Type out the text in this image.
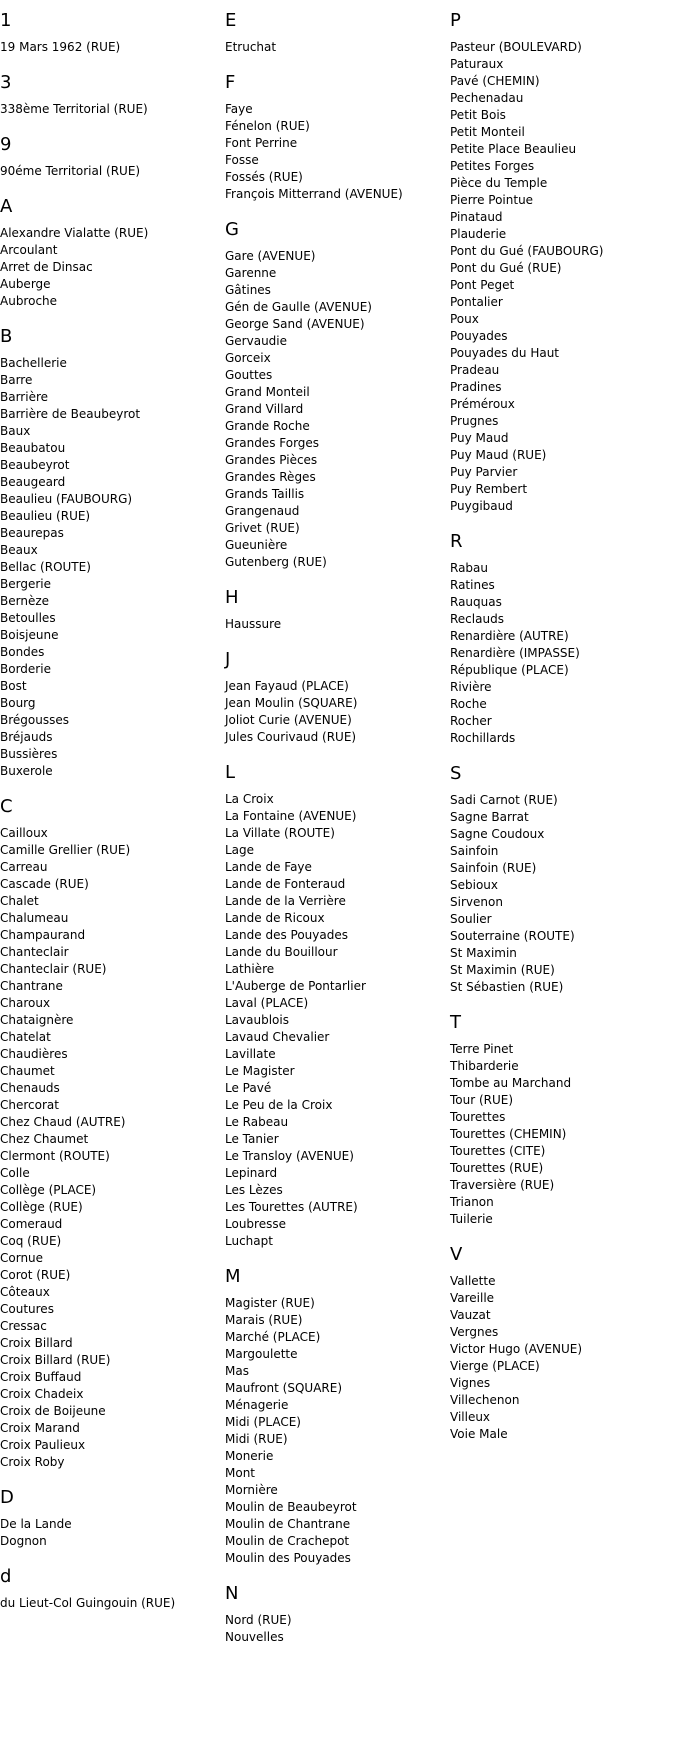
1
19 Mars 1962 (RUE)
3
338ème Territorial (RUE)
9
90éme Territorial (RUE)
A
Alexandre Vialatte (RUE)
Arcoulant
Arret de Dinsac
Auberge
Aubroche
B
Bachellerie
Barre
Barrière
Barrière de Beaubeyrot
Baux
Beaubatou
Beaubeyrot
Beaugeard
Beaulieu (FAUBOURG)
Beaulieu (RUE)
Beaurepas
Beaux
Bellac (ROUTE)
Bergerie
Bernèze
Betoulles
Boisjeune
Bondes
Borderie
Bost
Bourg
Brégousses
Bréjauds
Bussières
Buxerole
C
Cailloux
Camille Grellier (RUE)
Carreau
Cascade (RUE)
Chalet
Chalumeau
Champaurand
Chanteclair
Chanteclair (RUE)
Chantrane
Charoux
Chataignère
Chatelat
Chaudières
Chaumet
Chenauds
Chercorat
Chez Chaud (AUTRE)
Chez Chaumet
Clermont (ROUTE)
Colle
Collège (PLACE)
Collège (RUE)
Comeraud
Coq (RUE)
Cornue
Corot (RUE)
Côteaux
Coutures
Cressac
Croix Billard
Croix Billard (RUE)
Croix Buffaud
Croix Chadeix
Croix de Boijeune
Croix Marand
Croix Paulieux
Croix Roby
D
De la Lande
Dognon
d
du Lieut-Col Guingouin (RUE)
E
Etruchat
F
Faye
Fénelon (RUE)
Font Perrine
Fosse
Fossés (RUE)
François Mitterrand (AVENUE)
G
Gare (AVENUE)
Garenne
Gâtines
Gén de Gaulle (AVENUE)
George Sand (AVENUE)
Gervaudie
Gorceix
Gouttes
Grand Monteil
Grand Villard
Grande Roche
Grandes Forges
Grandes Pièces
Grandes Règes
Grands Taillis
Grangenaud
Grivet (RUE)
Gueunière
Gutenberg (RUE)
H
Haussure
J
Jean Fayaud (PLACE)
Jean Moulin (SQUARE)
Joliot Curie (AVENUE)
Jules Courivaud (RUE)
L
La Croix
La Fontaine (AVENUE)
La Villate (ROUTE)
Lage
Lande de Faye
Lande de Fonteraud
Lande de la Verrière
Lande de Ricoux
Lande des Pouyades
Lande du Bouillour
Lathière
L'Auberge de Pontarlier
Laval (PLACE)
Lavaublois
Lavaud Chevalier
Lavillate
Le Magister
Le Pavé
Le Peu de la Croix
Le Rabeau
Le Tanier
Le Transloy (AVENUE)
Lepinard
Les Lèzes
Les Tourettes (AUTRE)
Loubresse
Luchapt
M
Magister (RUE)
Marais (RUE)
Marché (PLACE)
Margoulette
Mas
Maufront (SQUARE)
Ménagerie
Midi (PLACE)
Midi (RUE)
Monerie
Mont
Mornière
Moulin de Beaubeyrot
Moulin de Chantrane
Moulin de Crachepot
Moulin des Pouyades
N
Nord (RUE)
Nouvelles
P
Pasteur (BOULEVARD)
Paturaux
Pavé (CHEMIN)
Pechenadau
Petit Bois
Petit Monteil
Petite Place Beaulieu
Petites Forges
Pièce du Temple
Pierre Pointue
Pinataud
Plauderie
Pont du Gué (FAUBOURG)
Pont du Gué (RUE)
Pont Peget
Pontalier
Poux
Pouyades
Pouyades du Haut
Pradeau
Pradines
Préméroux
Prugnes
Puy Maud
Puy Maud (RUE)
Puy Parvier
Puy Rembert
Puygibaud
R
Rabau
Ratines
Rauquas
Reclauds
Renardière (AUTRE)
Renardière (IMPASSE)
République (PLACE)
Rivière
Roche
Rocher
Rochillards
S
Sadi Carnot (RUE)
Sagne Barrat
Sagne Coudoux
Sainfoin
Sainfoin (RUE)
Sebioux
Sirvenon
Soulier
Souterraine (ROUTE)
St Maximin
St Maximin (RUE)
St Sébastien (RUE)
T
Terre Pinet
Thibarderie
Tombe au Marchand
Tour (RUE)
Tourettes
Tourettes (CHEMIN)
Tourettes (CITE)
Tourettes (RUE)
Traversière (RUE)
Trianon
Tuilerie
V
Vallette
Vareille
Vauzat
Vergnes
Victor Hugo (AVENUE)
Vierge (PLACE)
Vignes
Villechenon
Villeux
Voie Male
